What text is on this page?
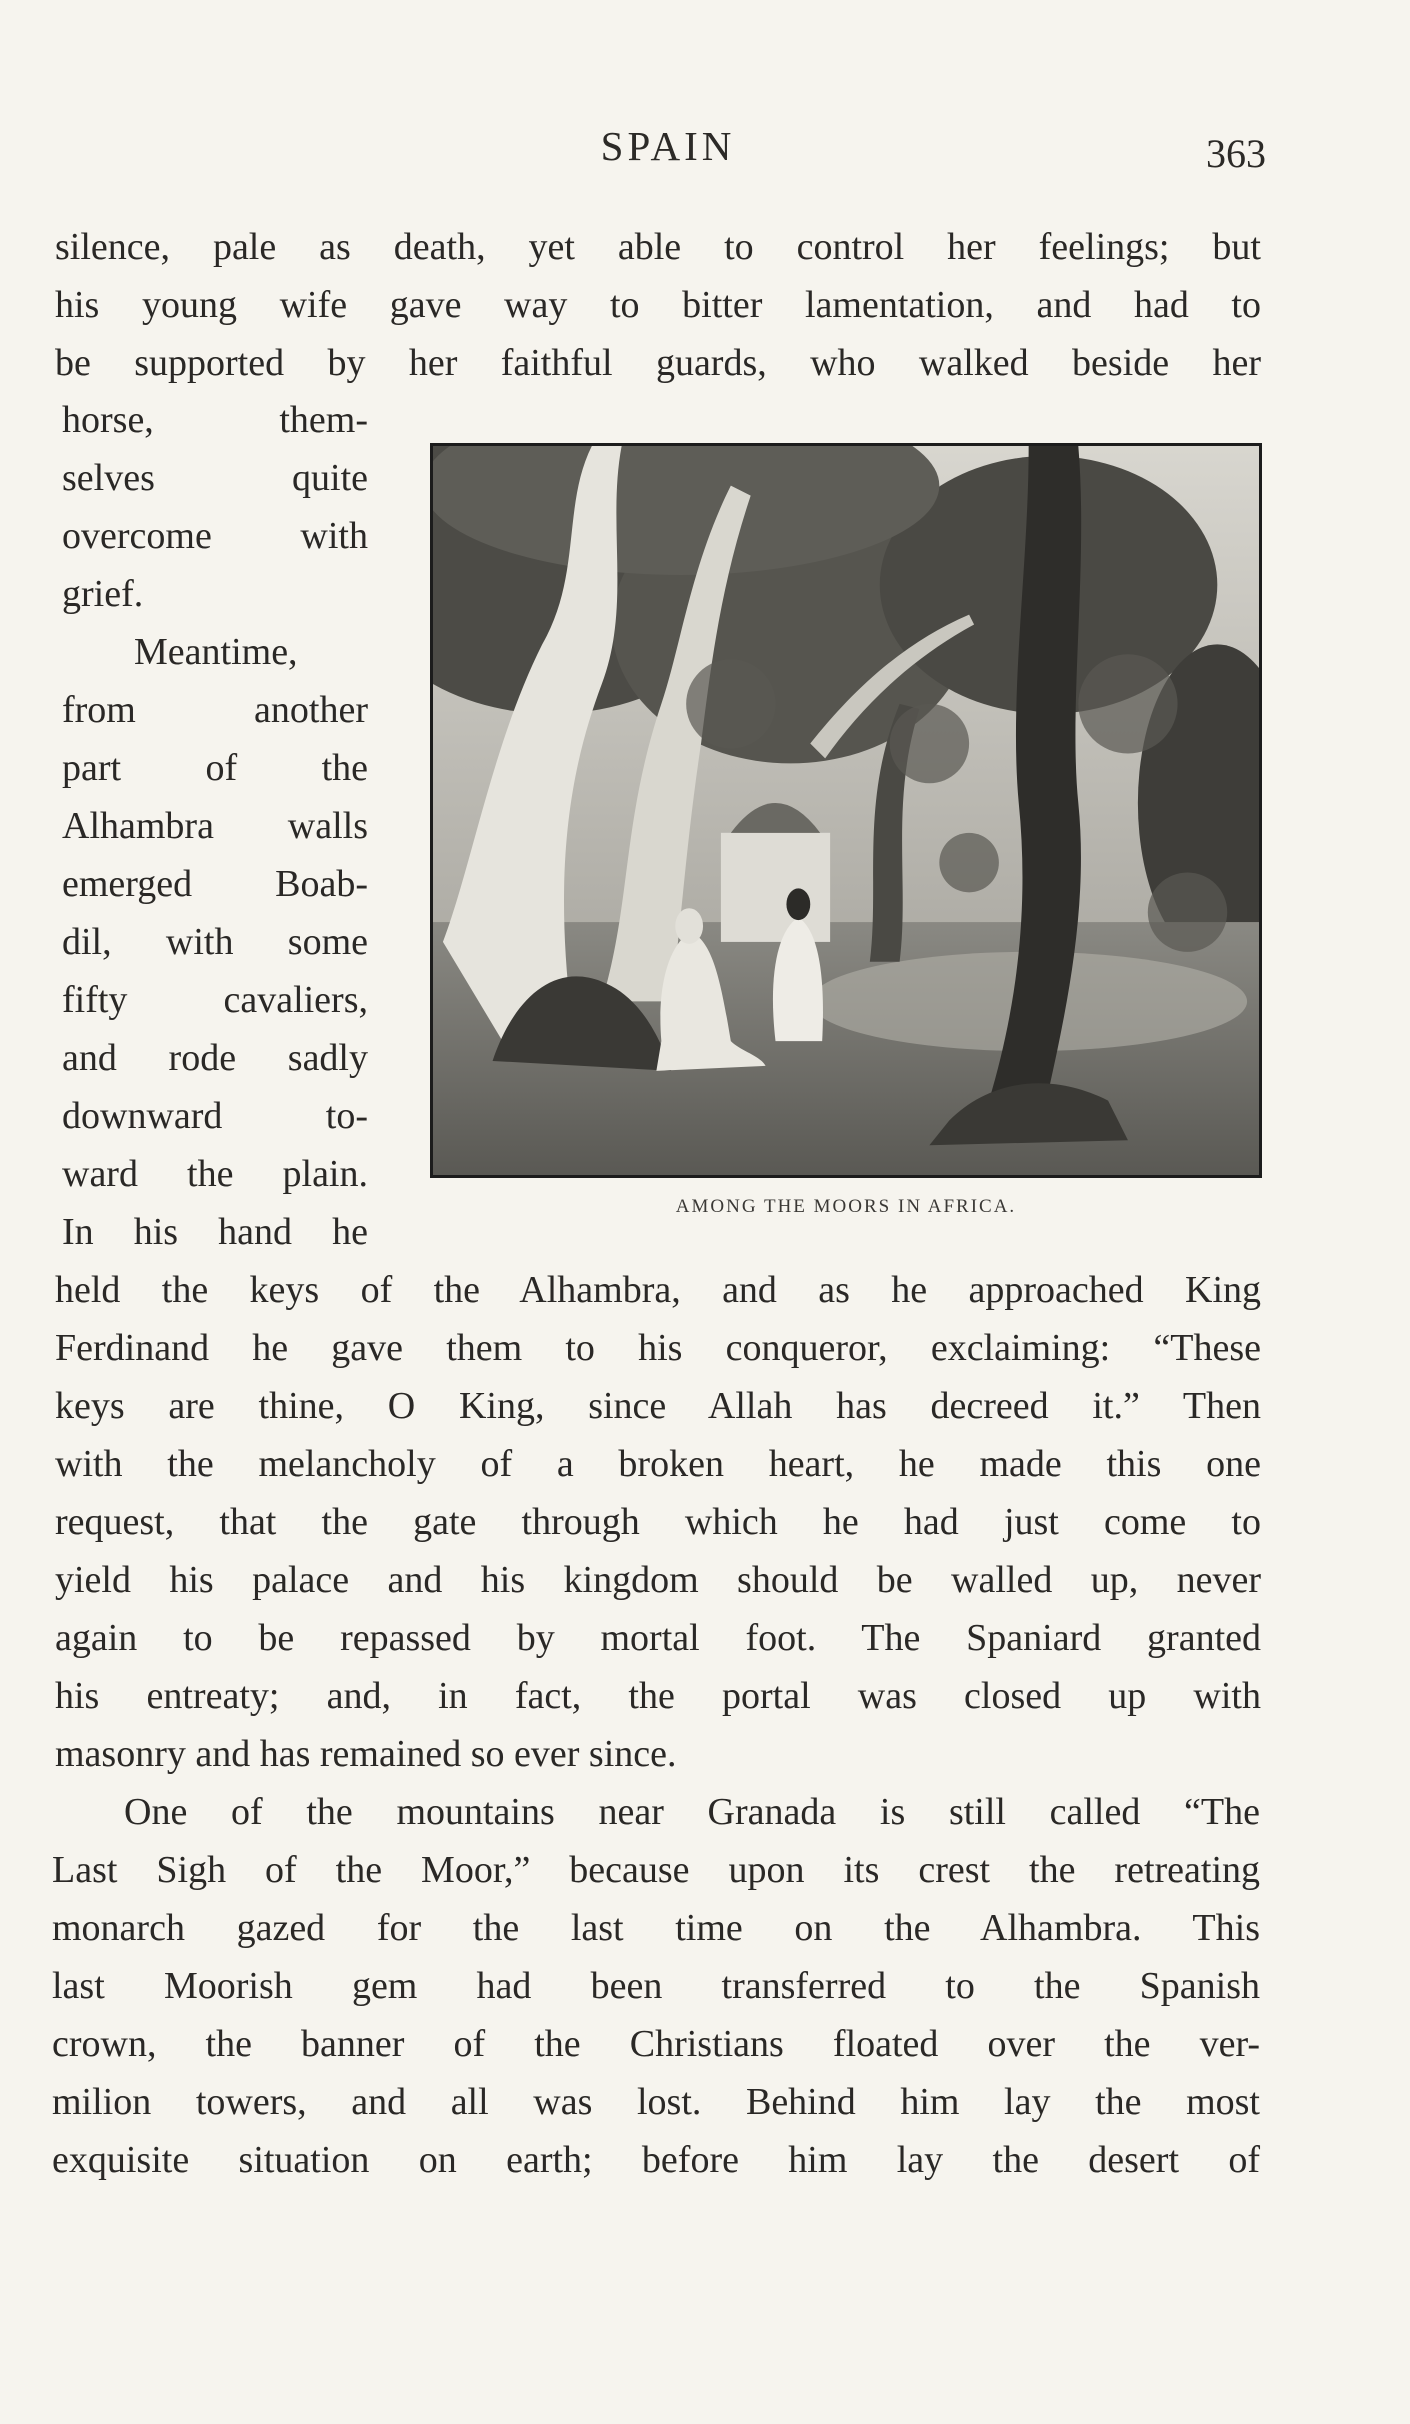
SPAIN	363
silence, pale as death, yet able to control her feelings; but
his young wife gave way to bitter lamentation, and had to
be supported by her faithful guards, who walked beside her
horse, them-
selves quite
overcome with
grief.
Meantime,
from another
part of the
Alhambra walls
emerged Boab-
dil, with some
fifty cavaliers,
and rode sadly
downward to-
ward the plain.
In his hand he
AMONG THE MOORS IN AFRICA.
held the keys of the Alhambra, and as he approached King
Ferdinand he gave them to his conqueror, exclaiming: “These
keys are thine, O King, since Allah has decreed it.” Then
with the melancholy of a broken heart, he made this one
request, that the gate through which he had just come to
yield his palace and his kingdom should be walled up, never
again to be repassed by mortal foot. The Spaniard granted
his entreaty; and, in fact, the portal was closed up with
masonry and has remained so ever since.
One of the mountains near Granada is still called “The
Last Sigh of the Moor,” because upon its crest the retreating
monarch gazed for the last time on the Alhambra. This
last Moorish gem had been transferred to the Spanish
crown, the banner of the Christians floated over the ver-
milion towers, and all was lost. Behind him lay the most
exquisite situation on earth; before him lay the desert of
